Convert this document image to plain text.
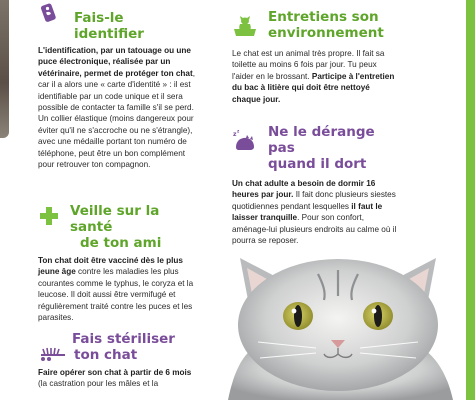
Fais-le identifier

L'identification, par un tatouage ou une puce électronique, réalisée par un vétérinaire, permet de protéger ton chat, car il a alors une « carte d'identité » : il est identifiable par un code unique et il sera possible de contacter ta famille s'il se perd. Un collier élastique (moins dangereux pour éviter qu'il ne s'accroche ou ne s'étrangle), avec une médaille portant ton numéro de téléphone, peut être un bon complément pour retrouver ton compagnon.

Veille sur la santé
de ton ami

Ton chat doit être vacciné dès le plus jeune âge contre les maladies les plus courantes comme le typhus, le coryza et la leucose. Il doit aussi être vermifugé et régulièrement traité contre les puces et les parasites.

Fais stériliser
ton chat

Faire opérer son chat à partir de 6 mois (la castration pour les mâles et la

Entretiens son
environnement

Le chat est un animal très propre. Il fait sa toilette au moins 6 fois par jour. Tu peux l'aider en le brossant. Participe à l'entretien du bac à litière qui doit être nettoyé chaque jour.

z z Ne le dérange pas
quand il dort

Un chat adulte a besoin de dormir 16 heures par jour. Il fait donc plusieurs siestes quotidiennes pendant lesquelles il faut le laisser tranquille. Pour son confort, aménage-lui plusieurs endroits au calme où il pourra se reposer.
